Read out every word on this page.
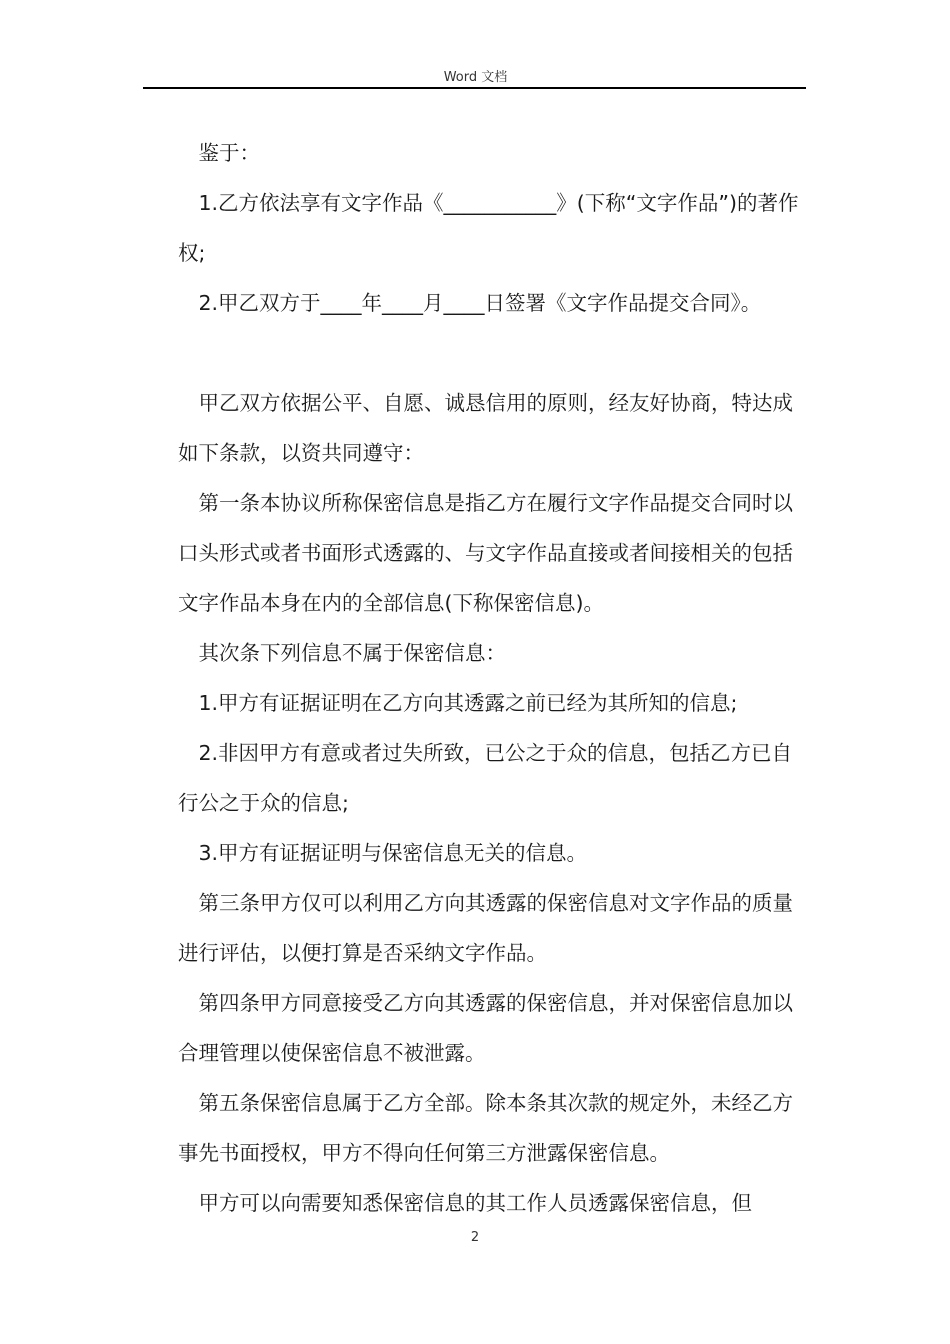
Word 文档

鉴于：

1.乙方依法享有文字作品《___________》(下称“文字作品”)的著作权;

2.甲乙双方于____年____月____日签署《文字作品提交合同》。

甲乙双方依据公平、自愿、诚恳信用的原则，经友好协商，特达成如下条款，以资共同遵守：

第一条本协议所称保密信息是指乙方在履行文字作品提交合同时以口头形式或者书面形式透露的、与文字作品直接或者间接相关的包括文字作品本身在内的全部信息(下称保密信息)。

其次条下列信息不属于保密信息：

1.甲方有证据证明在乙方向其透露之前已经为其所知的信息;

2.非因甲方有意或者过失所致，已公之于众的信息，包括乙方已自行公之于众的信息;

3.甲方有证据证明与保密信息无关的信息。

第三条甲方仅可以利用乙方向其透露的保密信息对文字作品的质量进行评估，以便打算是否采纳文字作品。

第四条甲方同意接受乙方向其透露的保密信息，并对保密信息加以合理管理以使保密信息不被泄露。

第五条保密信息属于乙方全部。除本条其次款的规定外，未经乙方事先书面授权，甲方不得向任何第三方泄露保密信息。

甲方可以向需要知悉保密信息的其工作人员透露保密信息，但

2
